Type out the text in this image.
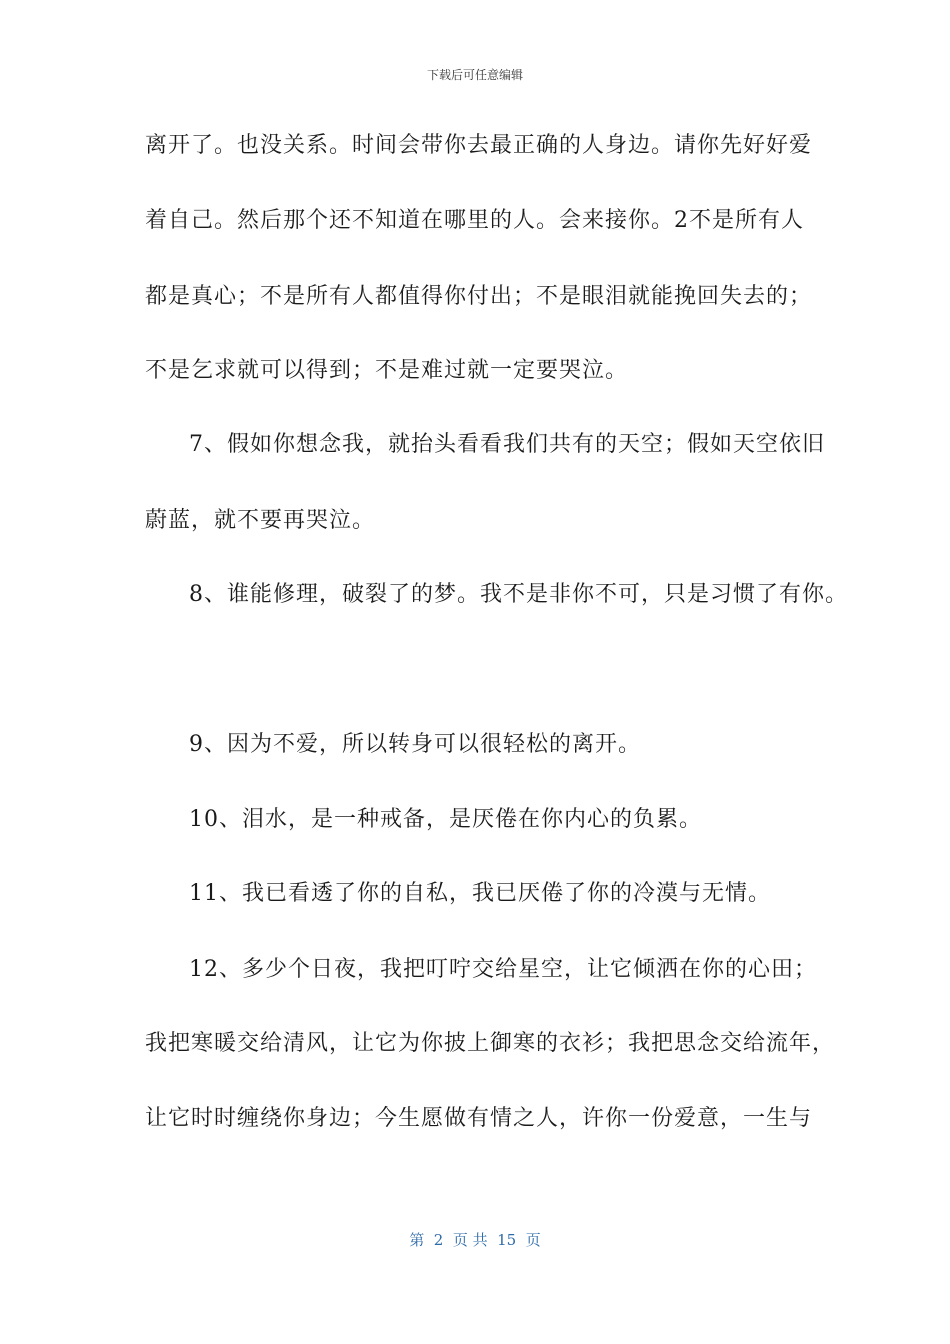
下载后可任意编辑
离开了。也没关系。时间会带你去最正确的人身边。请你先好好爱
着自己。然后那个还不知道在哪里的人。会来接你。2不是所有人
都是真心；不是所有人都值得你付出；不是眼泪就能挽回失去的；
不是乞求就可以得到；不是难过就一定要哭泣。
7、假如你想念我，就抬头看看我们共有的天空；假如天空依旧
蔚蓝，就不要再哭泣。
8、谁能修理，破裂了的梦。我不是非你不可，只是习惯了有你。
9、因为不爱，所以转身可以很轻松的离开。
10、泪水，是一种戒备，是厌倦在你内心的负累。
11、我已看透了你的自私，我已厌倦了你的冷漠与无情。
12、多少个日夜，我把叮咛交给星空，让它倾洒在你的心田；
我把寒暖交给清风，让它为你披上御寒的衣衫；我把思念交给流年，
让它时时缠绕你身边；今生愿做有情之人，许你一份爱意，一生与
第  2  页 共  15  页
